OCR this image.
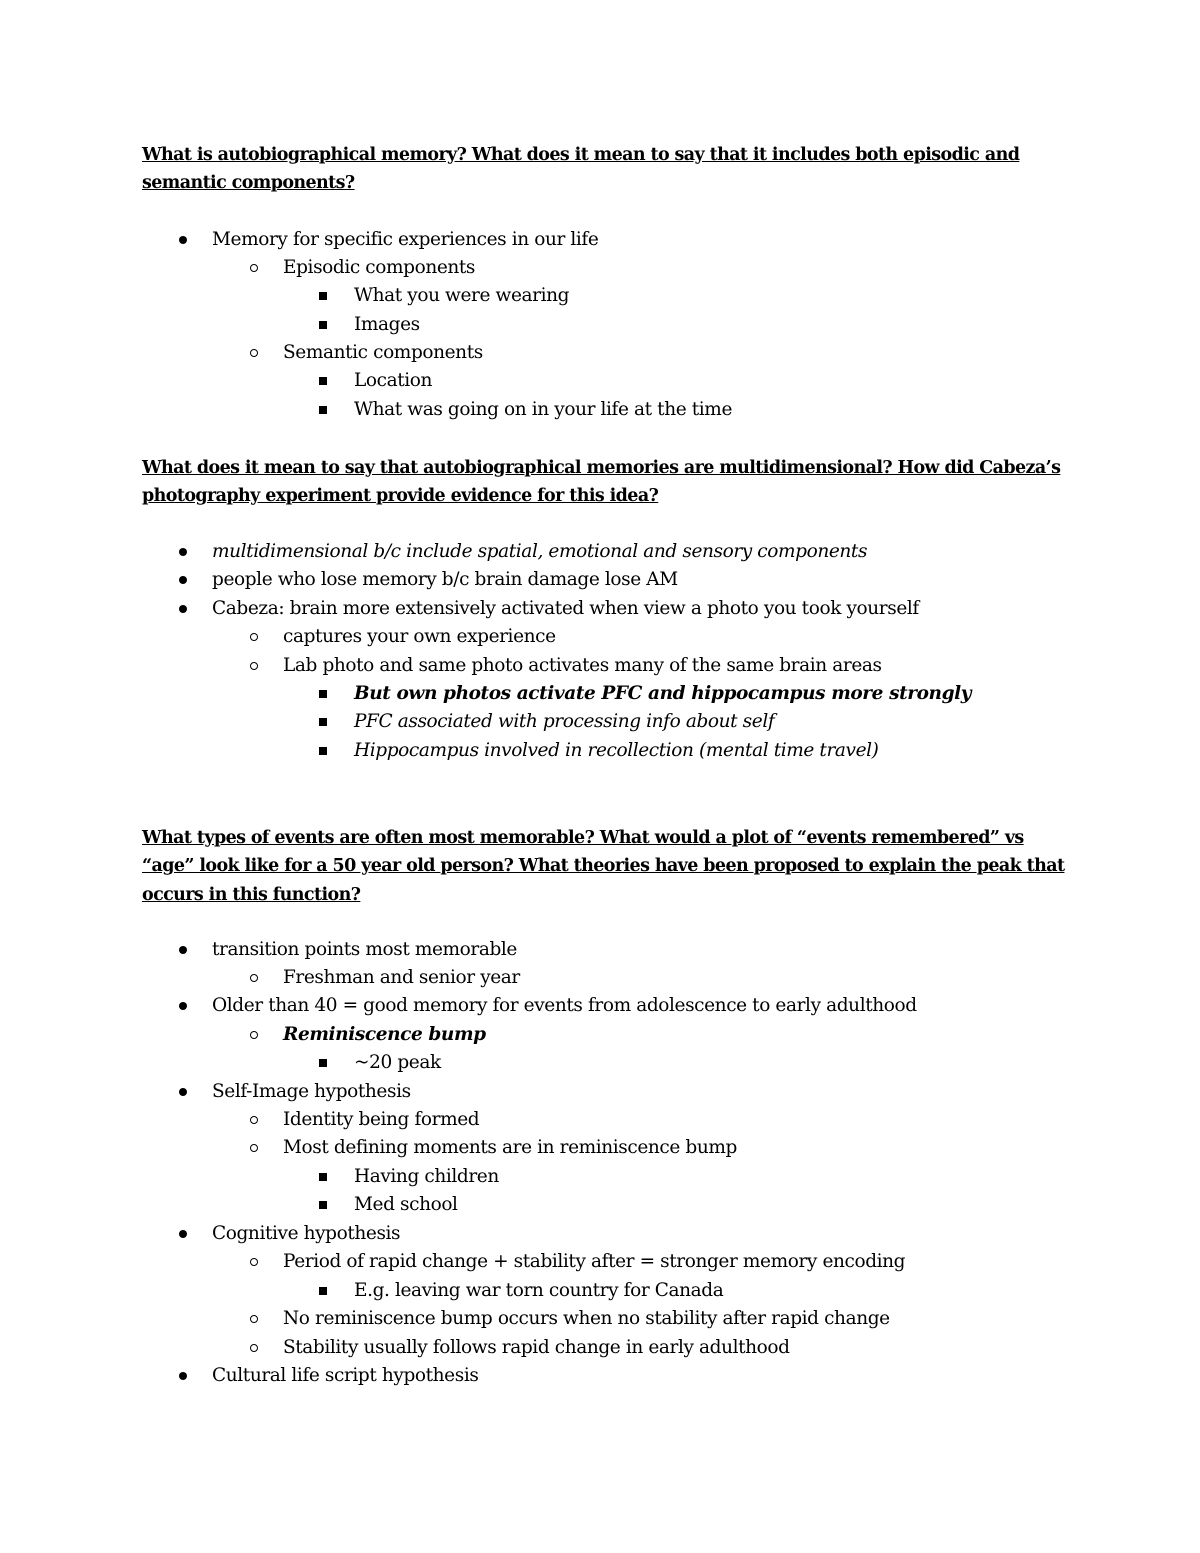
What is autobiographical memory? What does it mean to say that it includes both episodic and semantic components?
Memory for specific experiences in our life
Episodic components
What you were wearing
Images
Semantic components
Location
What was going on in your life at the time
What does it mean to say that autobiographical memories are multidimensional? How did Cabeza’s photography experiment provide evidence for this idea?
multidimensional b/c include spatial, emotional and sensory components
people who lose memory b/c brain damage lose AM
Cabeza: brain more extensively activated when view a photo you took yourself
captures your own experience
Lab photo and same photo activates many of the same brain areas
But own photos activate PFC and hippocampus more strongly
PFC associated with processing info about self
Hippocampus involved in recollection (mental time travel)
What types of events are often most memorable? What would a plot of “events remembered” vs “age” look like for a 50 year old person? What theories have been proposed to explain the peak that occurs in this function?
transition points most memorable
Freshman and senior year
Older than 40 = good memory for events from adolescence to early adulthood
Reminiscence bump
~20 peak
Self-Image hypothesis
Identity being formed
Most defining moments are in reminiscence bump
Having children
Med school
Cognitive hypothesis
Period of rapid change + stability after = stronger memory encoding
E.g. leaving war torn country for Canada
No reminiscence bump occurs when no stability after rapid change
Stability usually follows rapid change in early adulthood
Cultural life script hypothesis
